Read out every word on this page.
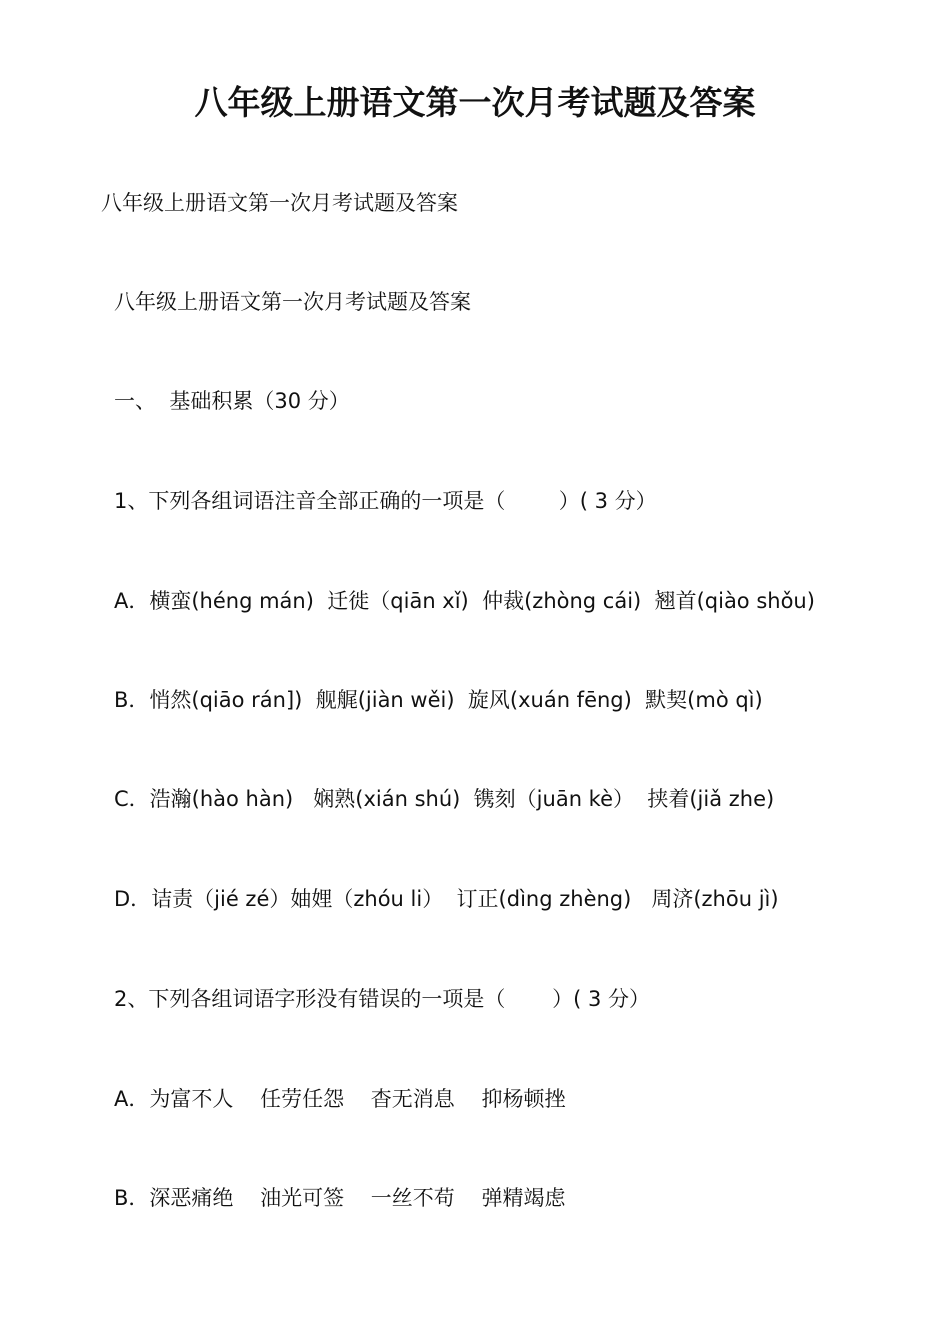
八年级上册语文第一次月考试题及答案
八年级上册语文第一次月考试题及答案
八年级上册语文第一次月考试题及答案
一、  基础积累（30 分）
1、下列各组词语注音全部正确的一项是（        ）( 3 分）
A．横蛮(héng mán)  迁徙（qiān xǐ)  仲裁(zhòng cái)  翘首(qiào shǒu)
B．悄然(qiāo rán])  舰艉(jiàn wěi)  旋风(xuán fēng)  默契(mò qì)
C．浩瀚(hào hàn)   娴熟(xián shú)  镌刻（juān kè）  挟着(jiǎ zhe)
D．诘责（jié zé）妯娌（zhóu li）  订正(dìng zhèng)   周济(zhōu jì)
2、下列各组词语字形没有错误的一项是（       ）( 3 分）
A．为富不人    任劳任怨    杳无消息    抑杨顿挫
B．深恶痛绝    油光可签    一丝不苟    弹精竭虑
